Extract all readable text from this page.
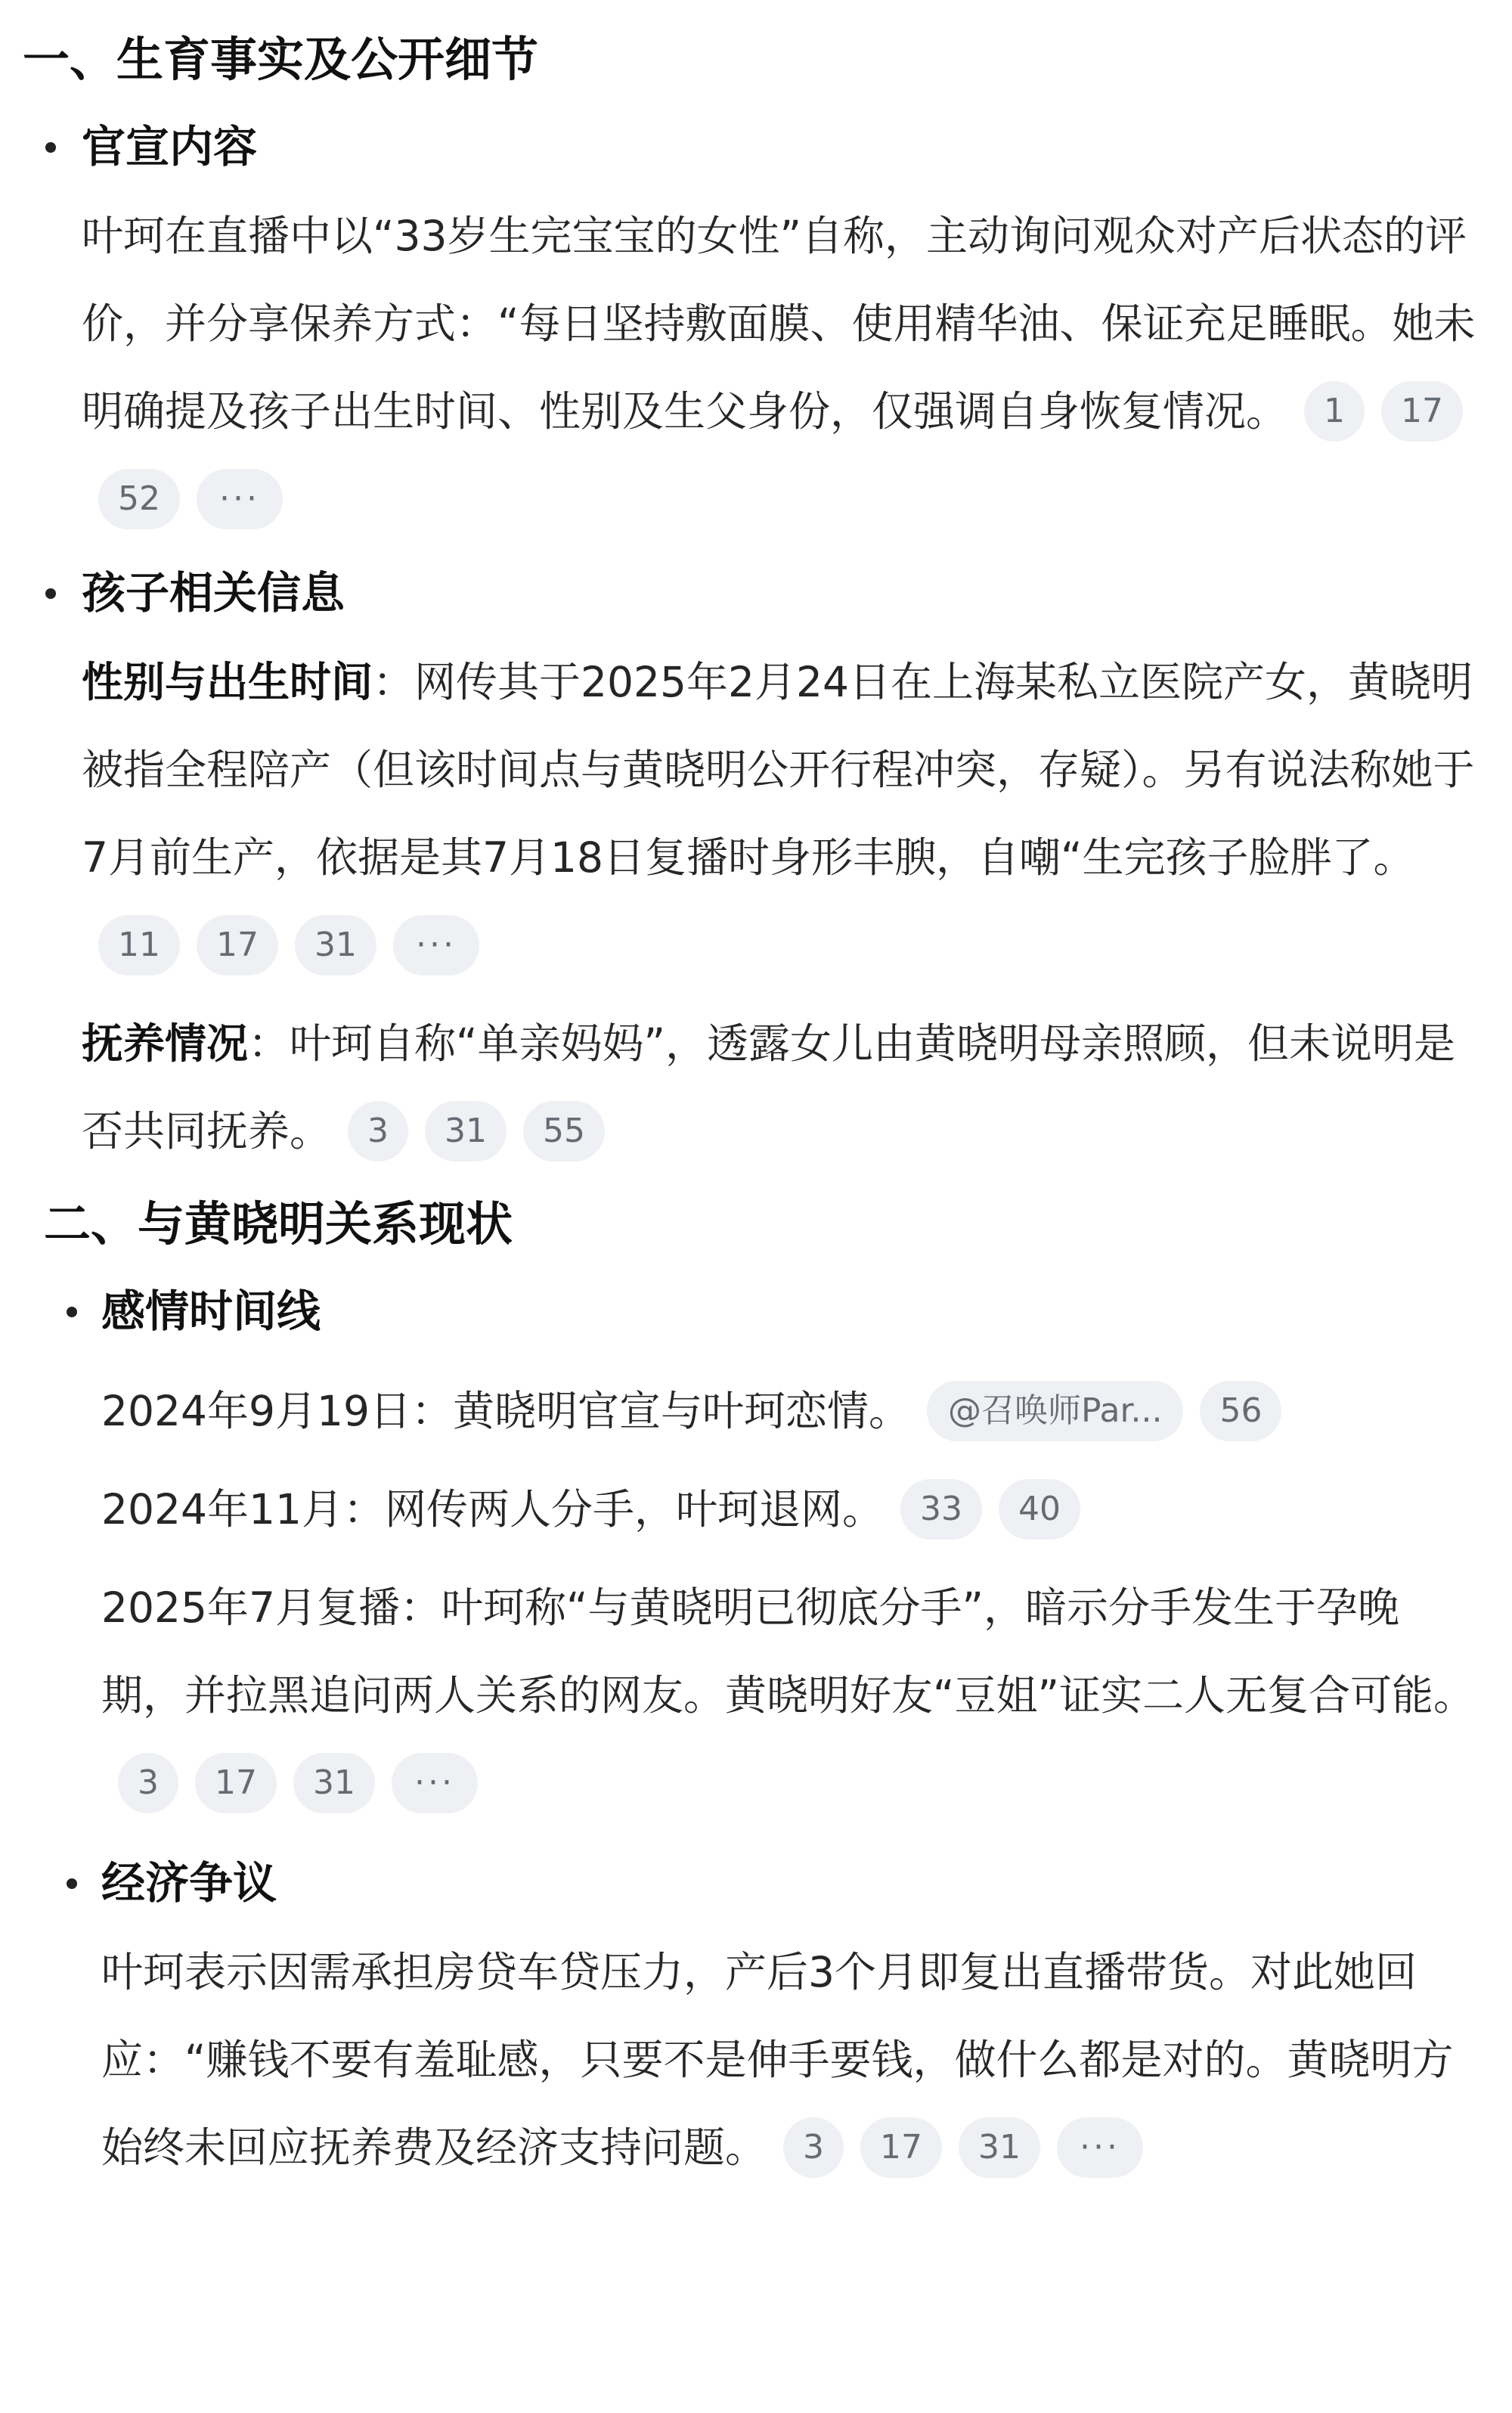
一、生育事实及公开细节
官宣内容

叶珂在直播中以“33岁生完宝宝的女性”自称，主动询问观众对产后状态的评价，并分享保养方式：“每日坚持敷面膜、使用精华油、保证充足睡眠。她未明确提及孩子出生时间、性别及生父身份，仅强调自身恢复情况。 1 1752 ···

孩子相关信息

性别与出生时间：网传其于2025年2月24日在上海某私立医院产女，黄晓明被指全程陪产（但该时间点与黄晓明公开行程冲突，存疑）。另有说法称她于7月前生产，依据是其7月18日复播时身形丰腴，自嘲“生完孩子脸胖了。11 17 31 ···

抚养情况：叶珂自称“单亲妈妈”，透露女儿由黄晓明母亲照顾，但未说明是否共同抚养。 3 31 55

二、与黄晓明关系现状
感情时间线

2024年9月19日：黄晓明官宣与叶珂恋情。 @召唤师Par... 56

2024年11月：网传两人分手，叶珂退网。 33 40

2025年7月复播：叶珂称“与黄晓明已彻底分手”，暗示分手发生于孕晚期，并拉黑追问两人关系的网友。黄晓明好友“豆姐”证实二人无复合可能。3 17 31 ···

经济争议

叶珂表示因需承担房贷车贷压力，产后3个月即复出直播带货。对此她回应：“赚钱不要有羞耻感，只要不是伸手要钱，做什么都是对的。黄晓明方始终未回应抚养费及经济支持问题。 3 17 31 ···
